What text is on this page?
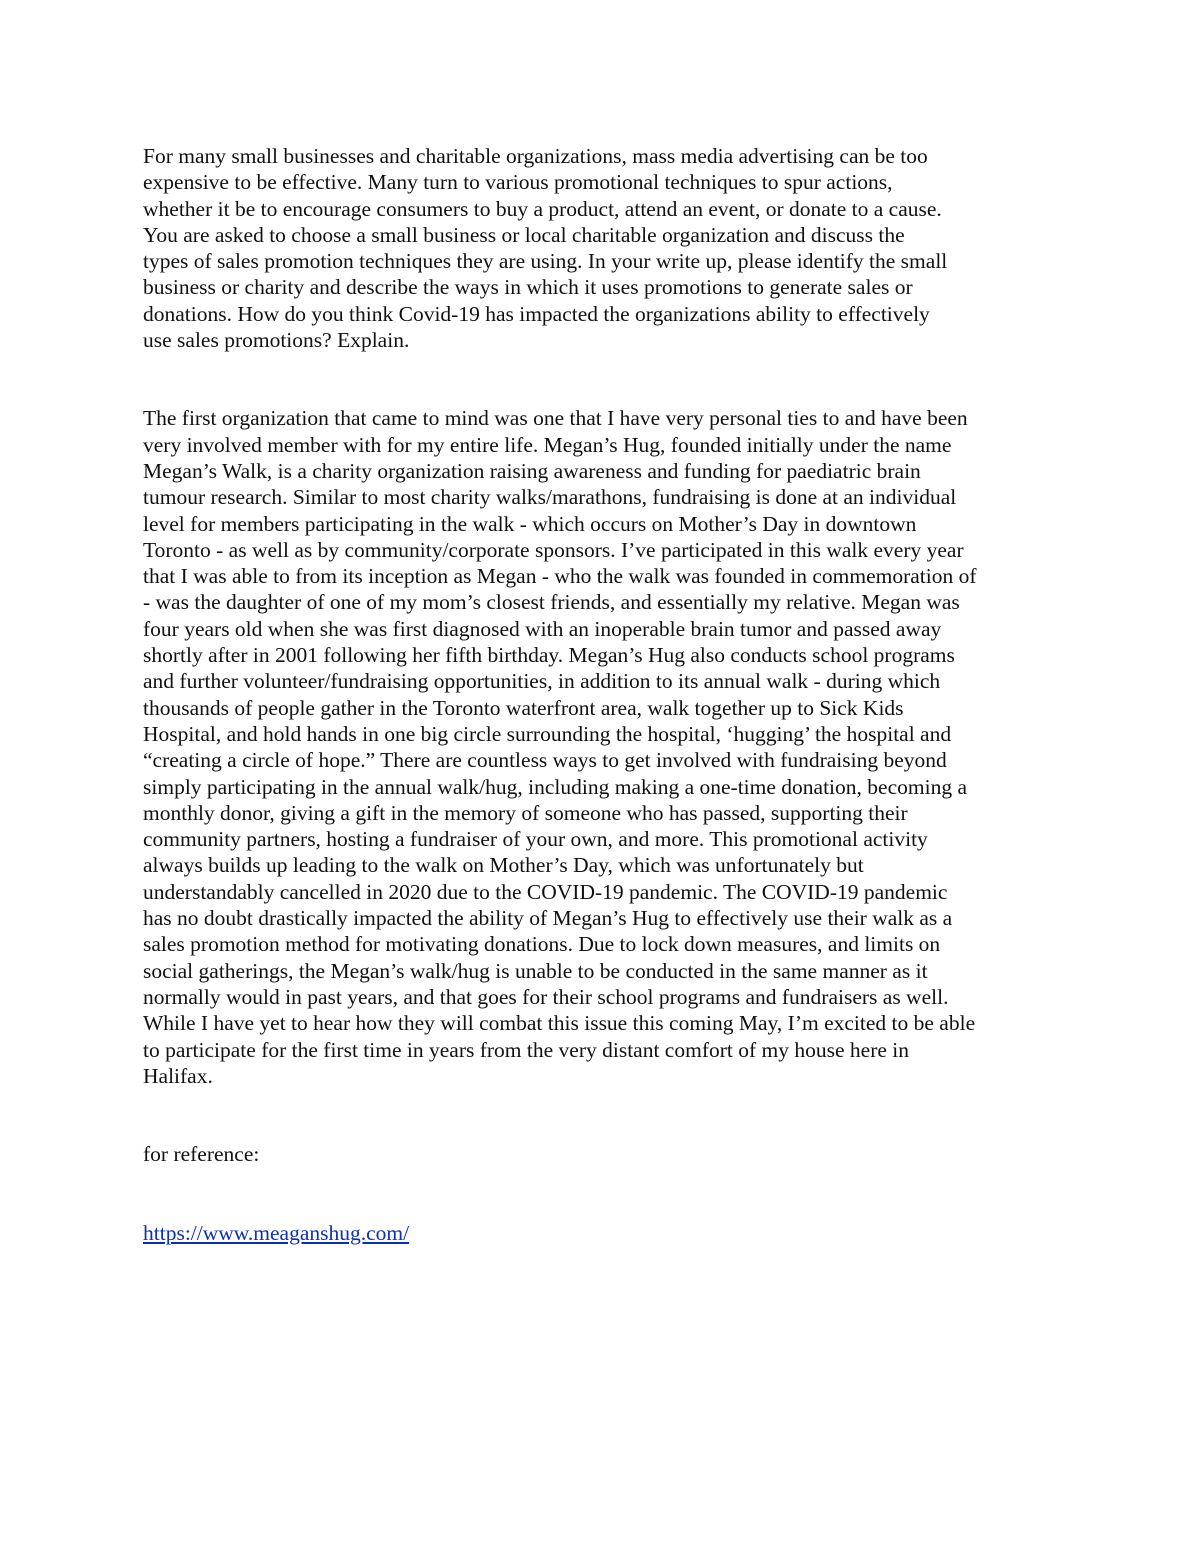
For many small businesses and charitable organizations, mass media advertising can be too
expensive to be effective. Many turn to various promotional techniques to spur actions,
whether it be to encourage consumers to buy a product, attend an event, or donate to a cause.
You are asked to choose a small business or local charitable organization and discuss the
types of sales promotion techniques they are using. In your write up, please identify the small
business or charity and describe the ways in which it uses promotions to generate sales or
donations. How do you think Covid-19 has impacted the organizations ability to effectively
use sales promotions? Explain.

The first organization that came to mind was one that I have very personal ties to and have been
very involved member with for my entire life. Megan’s Hug, founded initially under the name
Megan’s Walk, is a charity organization raising awareness and funding for paediatric brain
tumour research. Similar to most charity walks/marathons, fundraising is done at an individual
level for members participating in the walk - which occurs on Mother’s Day in downtown
Toronto - as well as by community/corporate sponsors. I’ve participated in this walk every year
that I was able to from its inception as Megan - who the walk was founded in commemoration of
- was the daughter of one of my mom’s closest friends, and essentially my relative. Megan was
four years old when she was first diagnosed with an inoperable brain tumor and passed away
shortly after in 2001 following her fifth birthday. Megan’s Hug also conducts school programs
and further volunteer/fundraising opportunities, in addition to its annual walk - during which
thousands of people gather in the Toronto waterfront area, walk together up to Sick Kids
Hospital, and hold hands in one big circle surrounding the hospital, ‘hugging’ the hospital and
“creating a circle of hope.” There are countless ways to get involved with fundraising beyond
simply participating in the annual walk/hug, including making a one-time donation, becoming a
monthly donor, giving a gift in the memory of someone who has passed, supporting their
community partners, hosting a fundraiser of your own, and more. This promotional activity
always builds up leading to the walk on Mother’s Day, which was unfortunately but
understandably cancelled in 2020 due to the COVID-19 pandemic. The COVID-19 pandemic
has no doubt drastically impacted the ability of Megan’s Hug to effectively use their walk as a
sales promotion method for motivating donations. Due to lock down measures, and limits on
social gatherings, the Megan’s walk/hug is unable to be conducted in the same manner as it
normally would in past years, and that goes for their school programs and fundraisers as well.
While I have yet to hear how they will combat this issue this coming May, I’m excited to be able
to participate for the first time in years from the very distant comfort of my house here in
Halifax.

for reference:

https://www.meaganshug.com/
